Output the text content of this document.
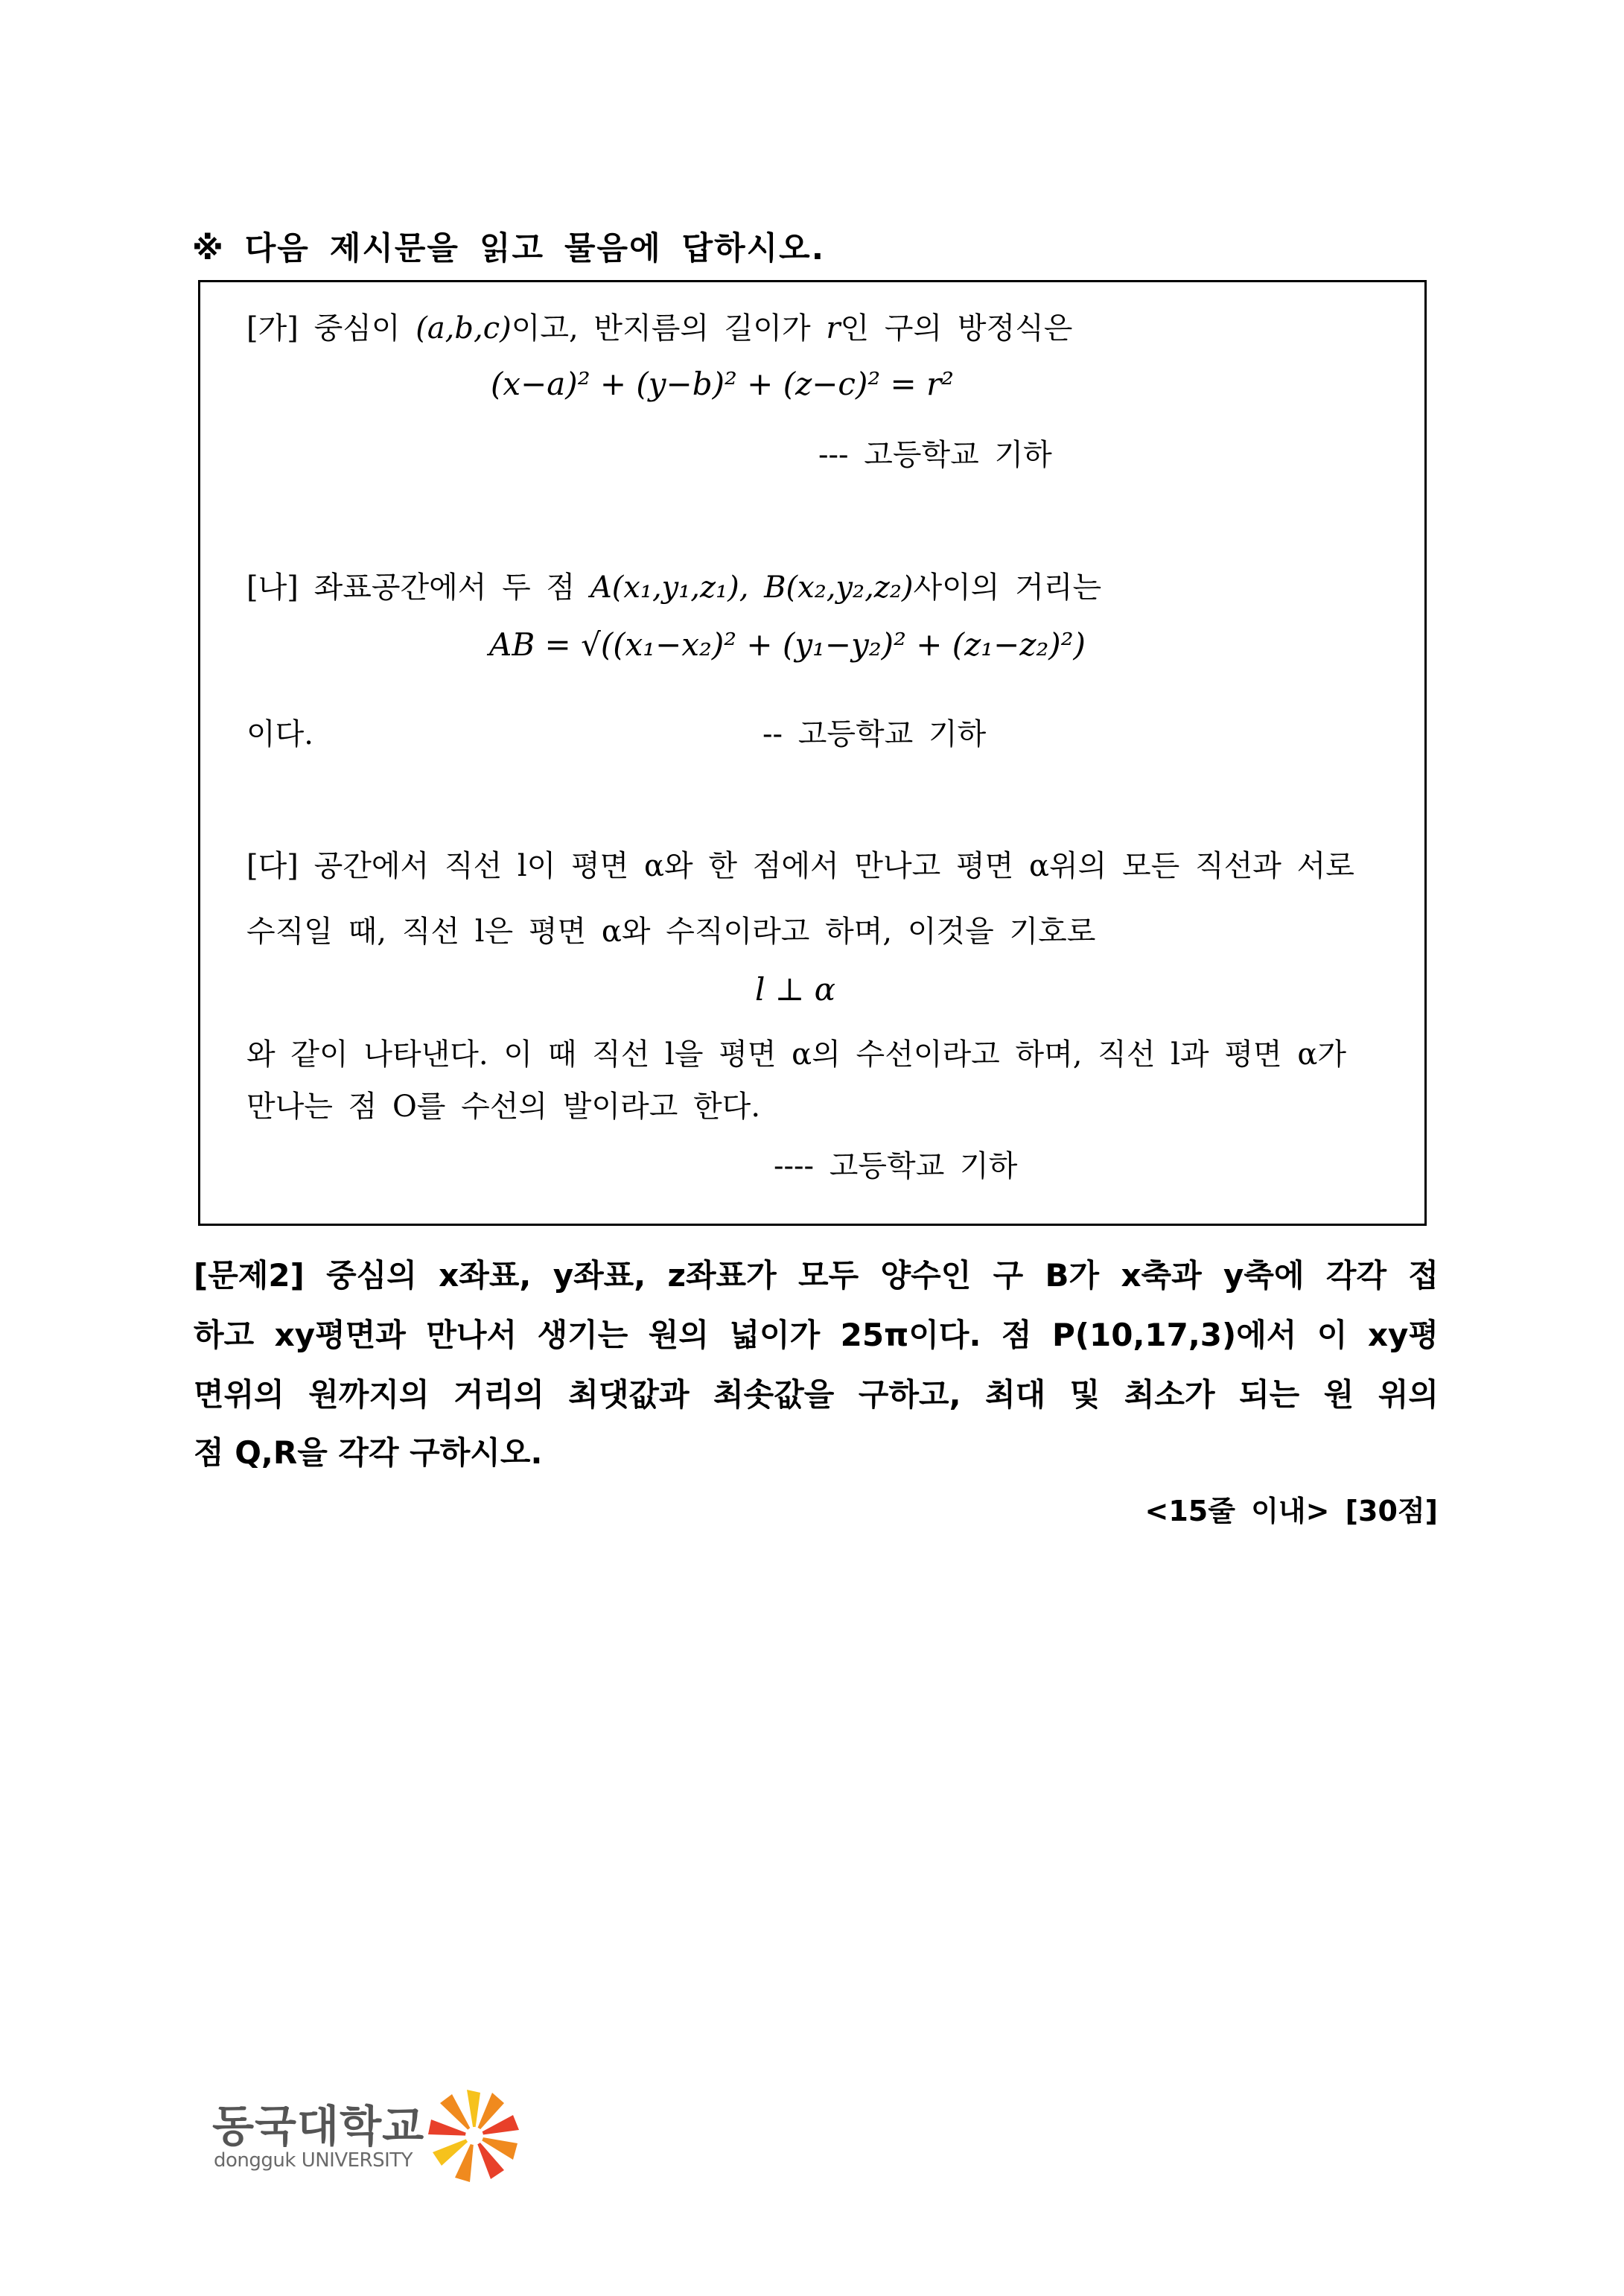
※ 다음 제시문을 읽고 물음에 답하시오.
[가] 중심이 (a,b,c)이고, 반지름의 길이가 r인 구의 방정식은
(x−a)² + (y−b)² + (z−c)² = r²
--- 고등학교 기하
[나] 좌표공간에서 두 점 A(x₁,y₁,z₁), B(x₂,y₂,z₂)사이의 거리는
AB = √((x₁−x₂)² + (y₁−y₂)² + (z₁−z₂)²)
이다.	-- 고등학교 기하
[다] 공간에서 직선 l이 평면 α와 한 점에서 만나고 평면 α위의 모든 직선과 서로
수직일 때, 직선 l은 평면 α와 수직이라고 하며, 이것을 기호로
l ⊥ α
와 같이 나타낸다. 이 때 직선 l을 평면 α의 수선이라고 하며, 직선 l과 평면 α가
만나는 점 O를 수선의 발이라고 한다.
---- 고등학교 기하
[문제2] 중심의 x좌표, y좌표, z좌표가 모두 양수인 구 B가 x축과 y축에 각각 접
하고 xy평면과 만나서 생기는 원의 넓이가 25π이다. 점 P(10,17,3)에서 이 xy평
면위의 원까지의 거리의 최댓값과 최솟값을 구하고, 최대 및 최소가 되는 원 위의
점 Q,R을 각각 구하시오.
<15줄 이내> [30점]
동국대학교
dongguk UNIVERSITY
